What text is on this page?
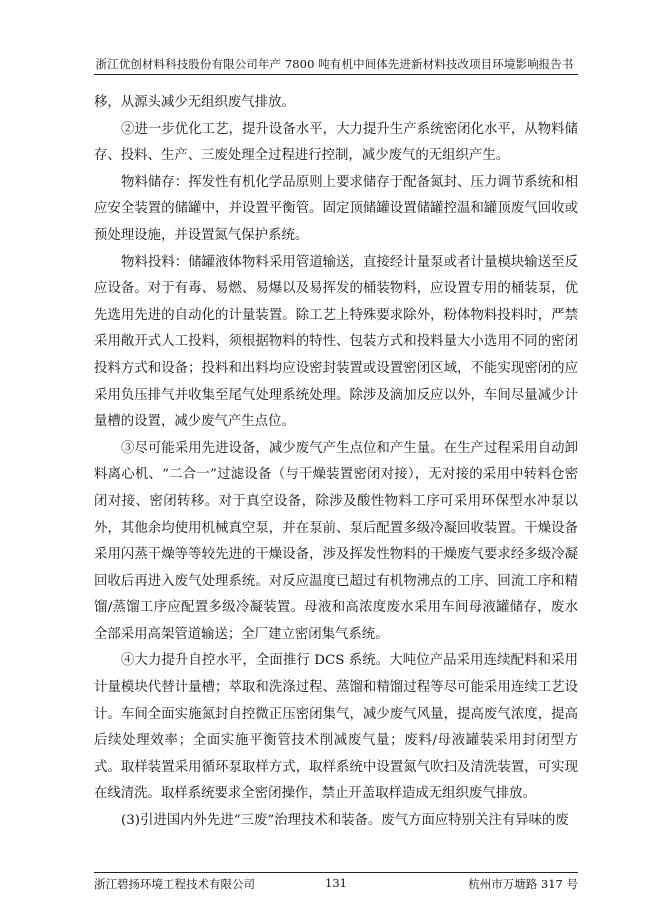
浙江优创材料科技股份有限公司年产 7800 吨有机中间体先进新材料技改项目环境影响报告书

移，从源头减少无组织废气排放。

②进一步优化工艺，提升设备水平，大力提升生产系统密闭化水平，从物料储存、投料、生产、三废处理全过程进行控制，减少废气的无组织产生。

物料储存：挥发性有机化学品原则上要求储存于配备氮封、压力调节系统和相应安全装置的储罐中，并设置平衡管。固定顶储罐设置储罐控温和罐顶废气回收或预处理设施，并设置氮气保护系统。

物料投料：储罐液体物料采用管道输送，直接经计量泵或者计量模块输送至反应设备。对于有毒、易燃、易爆以及易挥发的桶装物料，应设置专用的桶装泵，优先选用先进的自动化的计量装置。除工艺上特殊要求除外，粉体物料投料时，严禁采用敞开式人工投料，须根据物料的特性、包装方式和投料量大小选用不同的密闭投料方式和设备；投料和出料均应设密封装置或设置密闭区域，不能实现密闭的应采用负压排气并收集至尾气处理系统处理。除涉及滴加反应以外，车间尽量减少计量槽的设置，减少废气产生点位。

③尽可能采用先进设备，减少废气产生点位和产生量。在生产过程采用自动卸料离心机、“二合一”过滤设备（与干燥装置密闭对接），无对接的采用中转料仓密闭对接、密闭转移。对于真空设备，除涉及酸性物料工序可采用环保型水冲泵以外，其他余均使用机械真空泵，并在泵前、泵后配置多级冷凝回收装置。干燥设备采用闪蒸干燥等等较先进的干燥设备，涉及挥发性物料的干燥废气要求经多级冷凝回收后再进入废气处理系统。对反应温度已超过有机物沸点的工序、回流工序和精馏/蒸馏工序应配置多级冷凝装置。母液和高浓度废水采用车间母液罐储存，废水全部采用高架管道输送；全厂建立密闭集气系统。

④大力提升自控水平，全面推行 DCS 系统。大吨位产品采用连续配料和采用计量模块代替计量槽；萃取和洗涤过程、蒸馏和精馏过程等尽可能采用连续工艺设计。车间全面实施氮封自控微正压密闭集气，减少废气风量，提高废气浓度，提高后续处理效率；全面实施平衡管技术削减废气量；废料/母液罐装采用封闭型方式。取样装置采用循环泵取样方式，取样系统中设置氮气吹扫及清洗装置，可实现在线清洗。取样系统要求全密闭操作，禁止开盖取样造成无组织废气排放。

(3)引进国内外先进“三废”治理技术和装备。废气方面应特别关注有异味的废

浙江碧扬环境工程技术有限公司	131	杭州市万塘路 317 号
